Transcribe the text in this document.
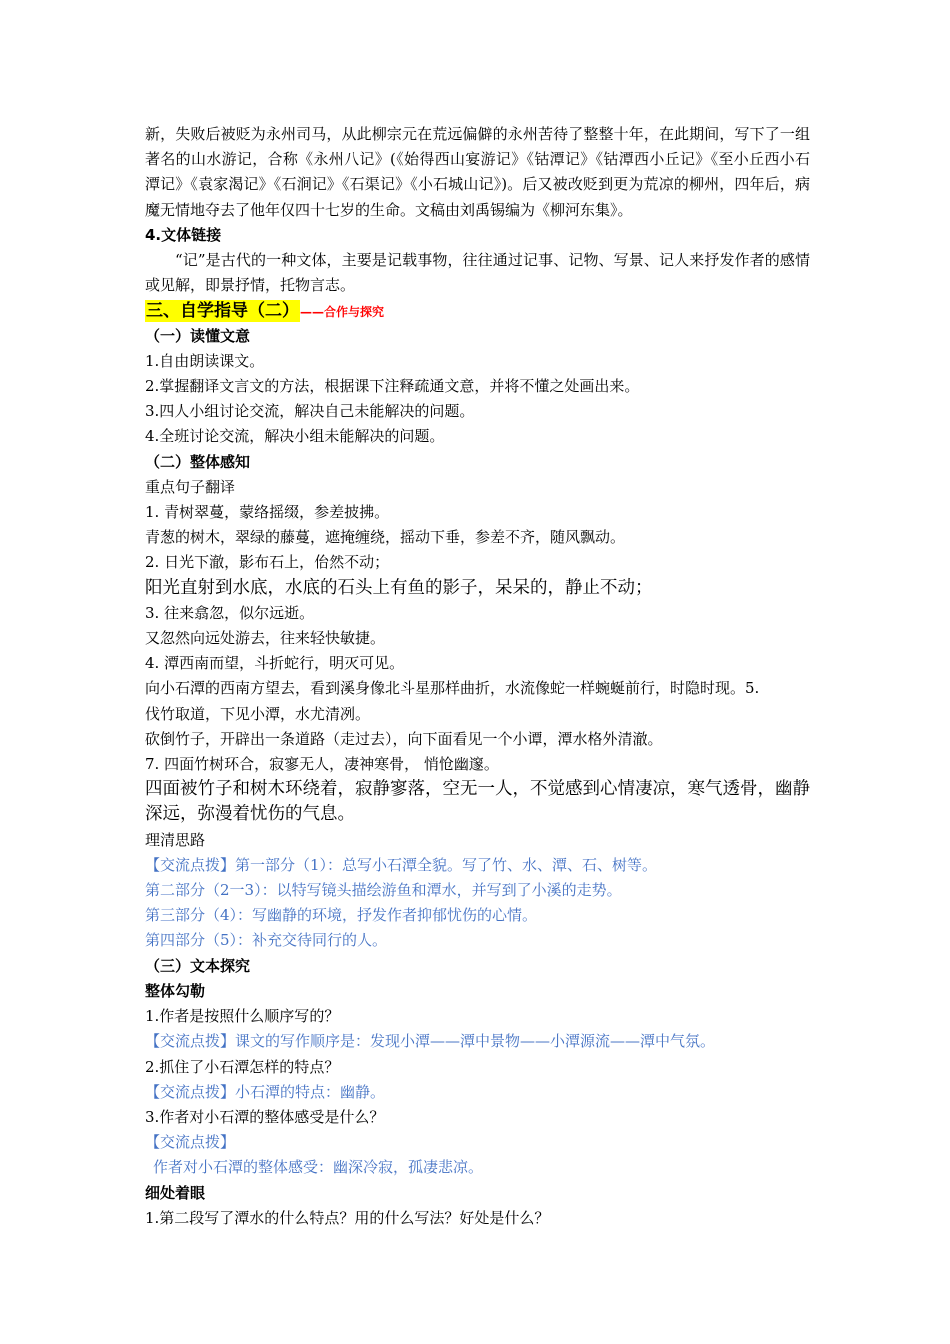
新，失败后被贬为永州司马，从此柳宗元在荒远偏僻的永州苦待了整整十年，在此期间，写下了一组著名的山水游记，合称《永州八记》(《始得西山宴游记》《钴潭记》《钴潭西小丘记》《至小丘西小石潭记》《袁家渴记》《石涧记》《石渠记》《小石城山记》)。后又被改贬到更为荒凉的柳州，四年后，病魔无情地夺去了他年仅四十七岁的生命。文稿由刘禹锡编为《柳河东集》。

4.文体链接

“记”是古代的一种文体，主要是记载事物，往往通过记事、记物、写景、记人来抒发作者的感情或见解，即景抒情，托物言志。

三、自学指导（二）——合作与探究
（一）读懂文意
1.自由朗读课文。
2.掌握翻译文言文的方法，根据课下注释疏通文意，并将不懂之处画出来。
3.四人小组讨论交流，解决自己未能解决的问题。
4.全班讨论交流，解决小组未能解决的问题。
（二）整体感知
重点句子翻译
1. 青树翠蔓，蒙络摇缀，参差披拂。
青葱的树木，翠绿的藤蔓，遮掩缠绕，摇动下垂，参差不齐，随风飘动。
2. 日光下澈，影布石上，佁然不动；
阳光直射到水底，水底的石头上有鱼的影子，呆呆的，静止不动；
3. 往来翕忽，似尔远逝。
又忽然向远处游去，往来轻快敏捷。
4. 潭西南而望，斗折蛇行，明灭可见。
向小石潭的西南方望去，看到溪身像北斗星那样曲折，水流像蛇一样蜿蜒前行，时隐时现。5.
伐竹取道，下见小潭，水尤清冽。
砍倒竹子，开辟出一条道路（走过去），向下面看见一个小谭，潭水格外清澈。
7. 四面竹树环合，寂寥无人，凄神寒骨， 悄怆幽邃。

四面被竹子和树木环绕着，寂静寥落，空无一人，不觉感到心情凄凉，寒气透骨，幽静深远，弥漫着忧伤的气息。

理清思路
【交流点拨】第一部分（1）：总写小石潭全貌。写了竹、水、潭、石、树等。
第二部分（2一3）：以特写镜头描绘游鱼和潭水，并写到了小溪的走势。
第三部分（4）：写幽静的环境，抒发作者抑郁忧伤的心情。
第四部分（5）：补充交待同行的人。
（三）文本探究
整体勾勒
1.作者是按照什么顺序写的？
【交流点拨】课文的写作顺序是：发现小潭——潭中景物——小潭源流——潭中气氛。
2.抓住了小石潭怎样的特点？
【交流点拨】小石潭的特点：幽静。
3.作者对小石潭的整体感受是什么？
【交流点拨】
作者对小石潭的整体感受：幽深冷寂，孤凄悲凉。
细处着眼
1.第二段写了潭水的什么特点？用的什么写法？好处是什么？
